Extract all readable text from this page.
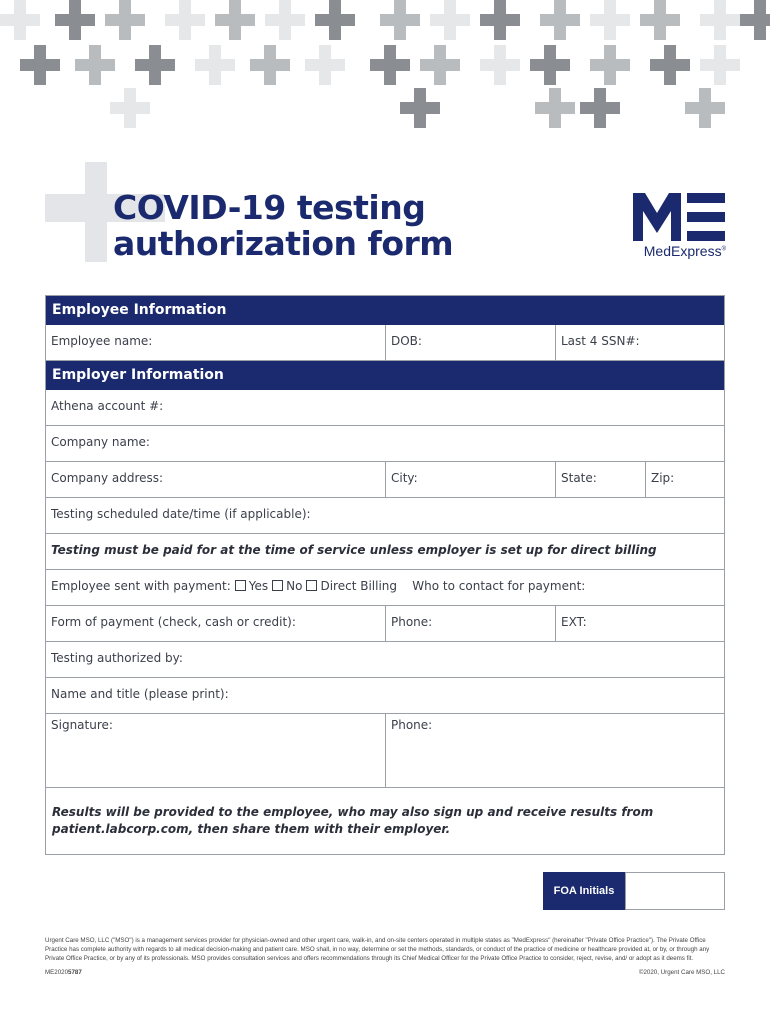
COVID-19 testing
authorization form	MedExpress®
Employee Information
Employee name:	DOB:	Last 4 SSN#:
Employer Information
Athena account #:
Company name:
Company address:	City:	State:	Zip:
Testing scheduled date/time (if applicable):
Testing must be paid for at the time of service unless employer is set up for direct billing
Employee sent with payment: Yes No Direct Billing Who to contact for payment:
Form of payment (check, cash or credit):	Phone:	EXT:
Testing authorized by:
Name and title (please print):
Signature:	Phone:
Results will be provided to the employee, who may also sign up and receive results from
patient.labcorp.com, then share them with their employer.
FOA Initials
Urgent Care MSO, LLC ("MSO") is a management services provider for physician-owned and other urgent care, walk-in, and on-site centers operated in multiple states as "MedExpress" (hereinafter "Private Office Practice"). The Private Office Practice has complete authority with regards to all medical decision-making and patient care. MSO shall, in no way, determine or set the methods, standards, or conduct of the practice of medicine or healthcare provided at, or by, or through any Private Office Practice, or by any of its professionals. MSO provides consultation services and offers recommendations through its Chief Medical Officer for the Private Office Practice to consider, reject, revise, and/ or adopt as it deems fit.
ME20205787	©2020, Urgent Care MSO, LLC
